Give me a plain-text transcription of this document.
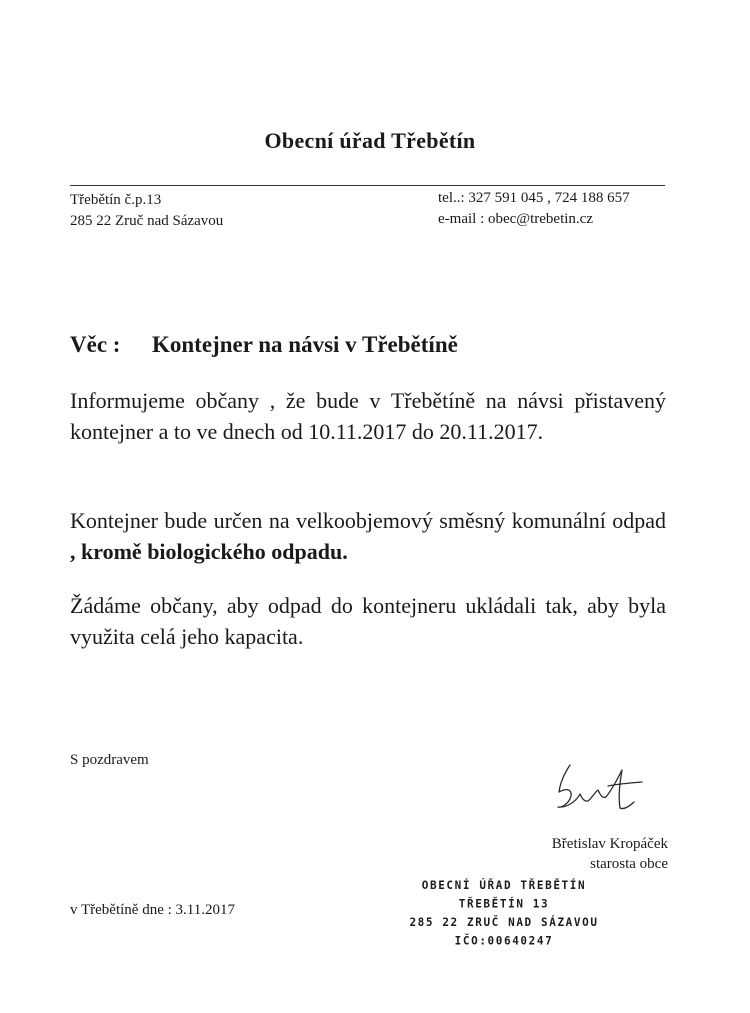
Obecní úřad Třebětín
Třebětín č.p.13
285 22 Zruč nad Sázavou
tel..: 327 591 045 , 724 188 657
e-mail : obec@trebetin.cz
Věc : Kontejner na návsi v Třebětíně
Informujeme občany , že bude v Třebětíně na návsi přistavený kontejner a to ve dnech od 10.11.2017 do 20.11.2017.
Kontejner bude určen na velkoobjemový směsný komunální odpad , kromě biologického odpadu.
Žádáme občany, aby odpad do kontejneru ukládali tak, aby byla využita celá jeho kapacita.
S pozdravem
Břetislav Kropáček
starosta obce
v Třebětíně dne : 3.11.2017
OBECNÍ ÚŘAD TŘEBĚTÍN
TŘEBĚTÍN 13
285 22 ZRUČ NAD SÁZAVOU
IČO:00640247
